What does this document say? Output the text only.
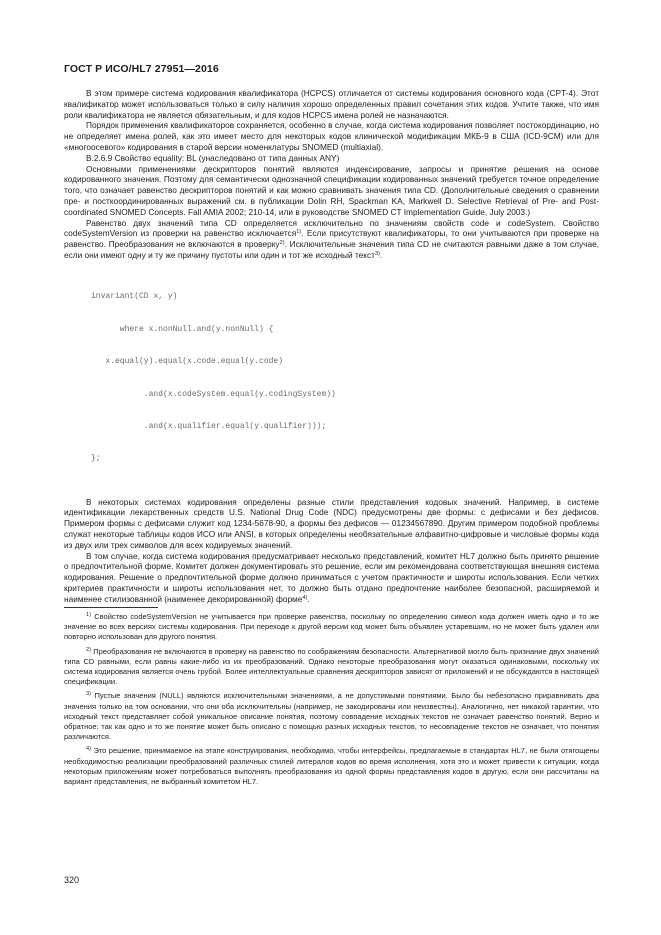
ГОСТ Р ИСО/HL7 27951—2016

В этом примере система кодирования квалификатора (HCPCS) отличается от системы кодирования основного кода (CPT-4). Этот квалификатор может использоваться только в силу наличия хорошо определенных правил сочетания этих кодов. Учтите также, что имя роли квалификатора не является обязательным, и для кодов HCPCS имена ролей не назначаются.

Порядок применения квалификаторов сохраняется, особенно в случае, когда система кодирования позволяет постокординацию, но не определяет имена ролей, как это имеет место для некоторых кодов клинической модификации МКБ-9 в США (ICD-9CM) или для «многоосевого» кодирования в старой версии номенклатуры SNOMED (multiaxial).

B.2.6.9 Свойство equality: BL (унаследовано от типа данных ANY)

Основными применениями дескрипторов понятий являются индексирование, запросы и принятие решения на основе кодированного значения. Поэтому для семантически однозначной спецификации кодированных значений требуется точное определение того, что означает равенство дескрипторов понятий и как можно сравнивать значения типа CD. (Дополнительные сведения о сравнении пре- и посткоординированных выражений см. в публикации Dolin RH, Spackman KA, Markwell D. Selective Retrieval of Pre- and Post-coordinated SNOMED Concepts. Fall AMIA 2002; 210-14, или в руководстве SNOMED CT Implementation Guide, July 2003.)

Равенство двух значений типа CD определяется исключительно по значениям свойств code и codeSystem. Свойство codeSystemVersion из проверки на равенство исключается$^{1)}$. Если присутствуют квалификаторы, то они учитываются при проверке на равенство. Преобразования не включаются в проверку$^{2)}$. Исключительные значения типа CD не считаются равными даже в том случае, если они имеют одну и ту же причину пустоты или один и тот же исходный текст$^{3)}$.

invariant(CD x, y)

where x.nonNull.and(y.nonNull) {

x.equal(y).equal(x.code.equal(y.code)

.and(x.codeSystem.equal(y.codingSystem))

.and(x.qualifier.equal(y.qualifier)));

};

В некоторых системах кодирования определены разные стили представления кодовых значений. Например, в системе идентификации лекарственных средств U.S. National Drug Code (NDC) предусмотрены две формы: с дефисами и без дефисов. Примером формы с дефисами служит код 1234-5678-90, а формы без дефисов — 01234567890. Другим примером подобной проблемы служат некоторые таблицы кодов ИСО или ANSI, в которых определены необязательные алфавитно-цифровые и числовые формы кода из двух или трех символов для всех кодируемых значений.

В том случае, когда система кодирования предусматривает несколько представлений, комитет HL7 должно быть принято решение о предпочтительной форме. Комитет должен документировать это решение, если им рекомендована соответствующая внешняя система кодирования. Решение о предпочтительной форме должно приниматься с учетом практичности и широты использования. Если четких критериев практичности и широты использования нет, то должно быть отдано предпочтение наиболее безопасной, расширяемой и наименее стилизованной (наименее декорированной) форме$^{4)}$.

$^{1)}$ Свойство codeSystemVersion не учитывается при проверке равенства, поскольку по определению символ кода должен иметь одно и то же значение во всех версиях системы кодирования. При переходе к другой версии код может быть объявлен устаревшим, но не может быть удален или повторно использован для другого понятия.

$^{2)}$ Преобразования не включаются в проверку на равенство по соображениям безопасности. Альтернативой могло быть признание двух значений типа CD равными, если равны какие-либо из их преобразований. Однако некоторые преобразования могут оказаться одинаковыми, поскольку их система кодирования является очень грубой. Более интеллектуальные сравнения дескрипторов зависят от приложений и не обсуждаются в настоящей спецификации.

$^{3)}$ Пустые значения (NULL) являются исключительными значениями, а не допустимыми понятиями. Было бы небезопасно приравнивать два значения только на том основании, что они оба исключительны (например, не закодированы или неизвестны). Аналогично, нет никакой гарантии, что исходный текст представляет собой уникальное описание понятия, поэтому совпадение исходных текстов не означает равенство понятий. Верно и обратное: так как одно и то же понятие может быть описано с помощью разных исходных текстов, то несовпадение текстов не означает, что понятия различаются.

$^{4)}$ Это решение, принимаемое на этапе конструирования, необходимо, чтобы интерфейсы, предлагаемые в стандартах HL7, не были отягощены необходимостью реализации преобразований различных стилей литералов кодов во время исполнения, хотя это и может привести к ситуации, когда некоторым приложениям может потребоваться выполнять преобразования из одной формы представления кодов в другую, если они рассчитаны на вариант представления, не выбранный комитетом HL7.

320
